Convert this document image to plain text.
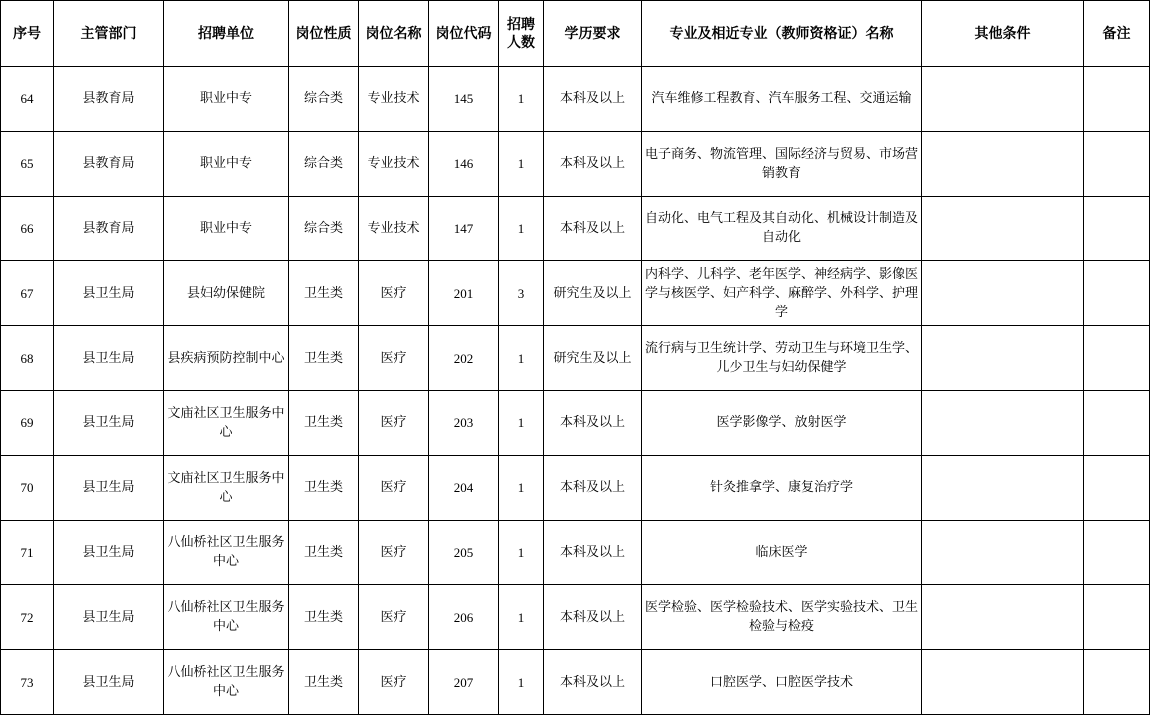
序号	主管部门	招聘单位	岗位性质	岗位名称	岗位代码	招聘人数	学历要求	专业及相近专业（教师资格证）名称	其他条件	备注
64	县教育局	职业中专	综合类	专业技术	145	1	本科及以上	汽车维修工程教育、汽车服务工程、交通运输		
65	县教育局	职业中专	综合类	专业技术	146	1	本科及以上	电子商务、物流管理、国际经济与贸易、市场营销教育		
66	县教育局	职业中专	综合类	专业技术	147	1	本科及以上	自动化、电气工程及其自动化、机械设计制造及自动化		
67	县卫生局	县妇幼保健院	卫生类	医疗	201	3	研究生及以上	内科学、儿科学、老年医学、神经病学、影像医学与核医学、妇产科学、麻醉学、外科学、护理学		
68	县卫生局	县疾病预防控制中心	卫生类	医疗	202	1	研究生及以上	流行病与卫生统计学、劳动卫生与环境卫生学、儿少卫生与妇幼保健学		
69	县卫生局	文庙社区卫生服务中心	卫生类	医疗	203	1	本科及以上	医学影像学、放射医学		
70	县卫生局	文庙社区卫生服务中心	卫生类	医疗	204	1	本科及以上	针灸推拿学、康复治疗学		
71	县卫生局	八仙桥社区卫生服务中心	卫生类	医疗	205	1	本科及以上	临床医学		
72	县卫生局	八仙桥社区卫生服务中心	卫生类	医疗	206	1	本科及以上	医学检验、医学检验技术、医学实验技术、卫生检验与检疫		
73	县卫生局	八仙桥社区卫生服务中心	卫生类	医疗	207	1	本科及以上	口腔医学、口腔医学技术		
